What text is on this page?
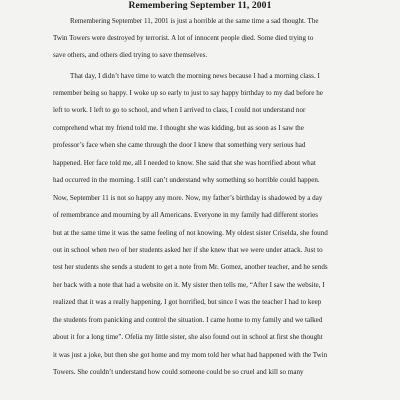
Remembering September 11, 2001
Remembering September 11, 2001 is just a horrible at the same time a sad thought. The
Twin Towers were destroyed by terrorist. A lot of innocent people died. Some died trying to
save others, and others died trying to save themselves.
That day, I didn’t have time to watch the morning news because I had a morning class. I
remember being so happy. I woke up so early to just to say happy birthday to my dad before he
left to work. I left to go to school, and when I arrived to class, I could not understand nor
comprehend what my friend told me. I thought she was kidding, but as soon as I saw the
professor’s face when she came through the door I knew that something very serious had
happened. Her face told me, all I needed to know. She said that she was horrified about what
had occurred in the morning. I still can’t understand why something so horrible could happen.
Now, September 11 is not so happy any more. Now, my father’s birthday is shadowed by a day
of remembrance and mourning by all Americans. Everyone in my family had different stories
but at the same time it was the same feeling of not knowing. My oldest sister Criselda, she found
out in school when two of her students asked her if she knew that we were under attack. Just to
test her students she sends a student to get a note from Mr. Gomez, another teacher, and he sends
her back with a note that had a website on it. My sister then tells me, “After I saw the website, I
realized that it was a really happening. I got horrified, but since I was the teacher I had to keep
the students from panicking and control the situation. I came home to my family and we talked
about it for a long time”. Ofelia my little sister, she also found out in school at first she thought
it was just a joke, but then she got home and my mom told her what had happened with the Twin
Towers. She couldn’t understand how could someone could be so cruel and kill so many
